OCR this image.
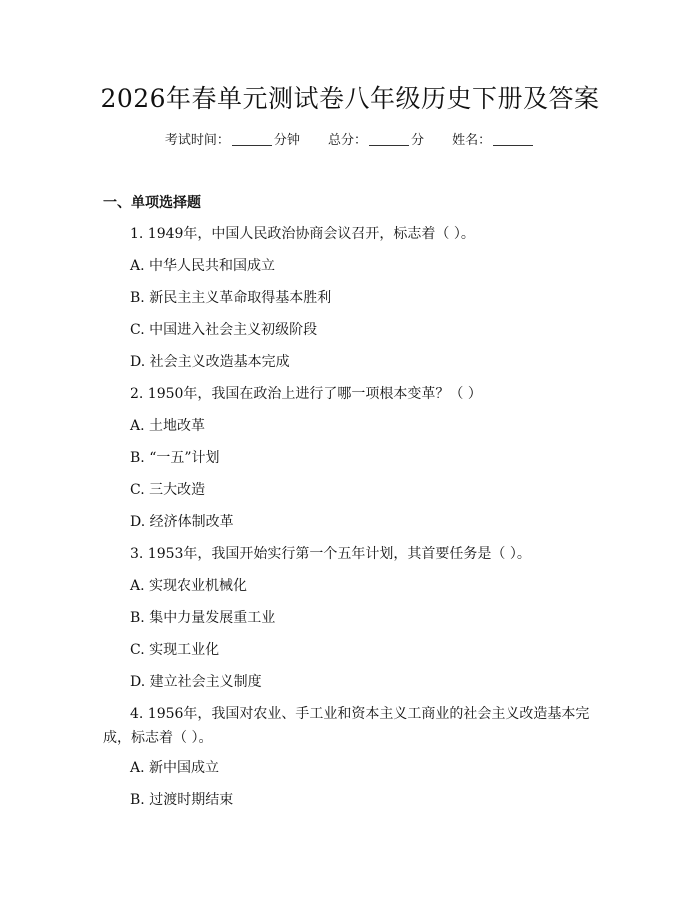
2026年春单元测试卷八年级历史下册及答案
考试时间：	分钟 总分：	分 姓名：
一、单项选择题
1. 1949年，中国人民政治协商会议召开，标志着（ ）。
A. 中华人民共和国成立
B. 新民主主义革命取得基本胜利
C. 中国进入社会主义初级阶段
D. 社会主义改造基本完成
2. 1950年，我国在政治上进行了哪一项根本变革？（ ）
A. 土地改革
B. “一五”计划
C. 三大改造
D. 经济体制改革
3. 1953年，我国开始实行第一个五年计划，其首要任务是（ ）。
A. 实现农业机械化
B. 集中力量发展重工业
C. 实现工业化
D. 建立社会主义制度
4. 1956年，我国对农业、手工业和资本主义工商业的社会主义改造基本完成，标志着（ ）。
A. 新中国成立
B. 过渡时期结束
